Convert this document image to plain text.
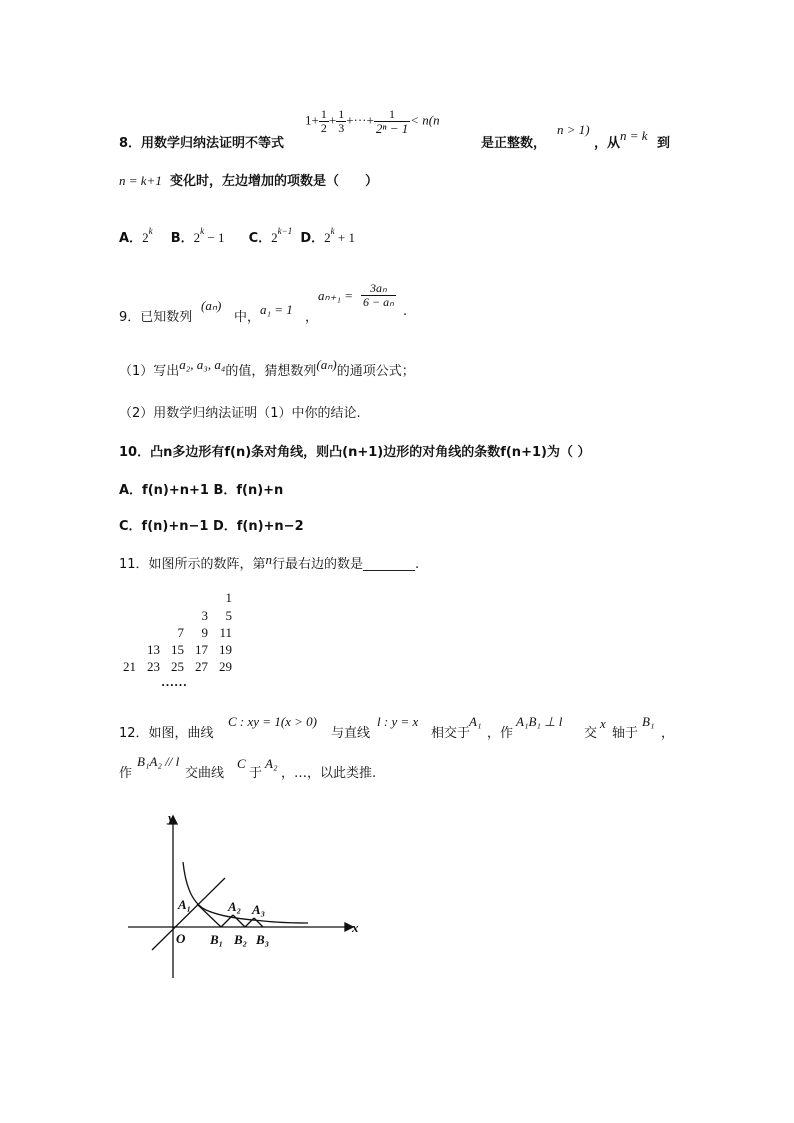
8．用数学归纳法证明不等式
$1+ \frac{1}{2} + \frac{1}{3}$ +···+ $\frac{1}{\text{2ⁿ − 1}} < n(n$
是正整数，
n > 1)
，从
n = k
到
n = k+1 变化时，左边增加的项数是（　　）
A．2$^k$ B．$2^k - 1$ C．$2^{k-1}$ D．$2^k + 1$
9．已知数列
(aₙ)
中，
a₁ = 1
，
$a_{n+1} = \frac{\text{3aₙ}}{\text{6 − aₙ}}$
.
（1）写出a₂, a₃, a₄的值，猜想数列(aₙ)的通项公式；
（2）用数学归纳法证明（1）中你的结论.
10．凸n多边形有f(n)条对角线，则凸(n+1)边形的对角线的条数f(n+1)为（ ）
A．f(n)+n+1 B．f(n)+n
C．f(n)+n−1 D．f(n)+n−2
11．如图所示的数阵，第n行最右边的数是________.
1
3 5
7 9 11
13 15 17 19
21 23 25 27 29
……
12．如图，曲线
C : xy = 1(x > 0)
与直线
l : y = x
相交于
A₁
，作
A₁B₁ ⊥ l
交
x
轴于
B₁
，
作
B₁A₂ // l
交曲线
C
于
A₂
，…，以此类推.
y
x
O
A₁	A₂ A₃
B₁ B₂ B₃
